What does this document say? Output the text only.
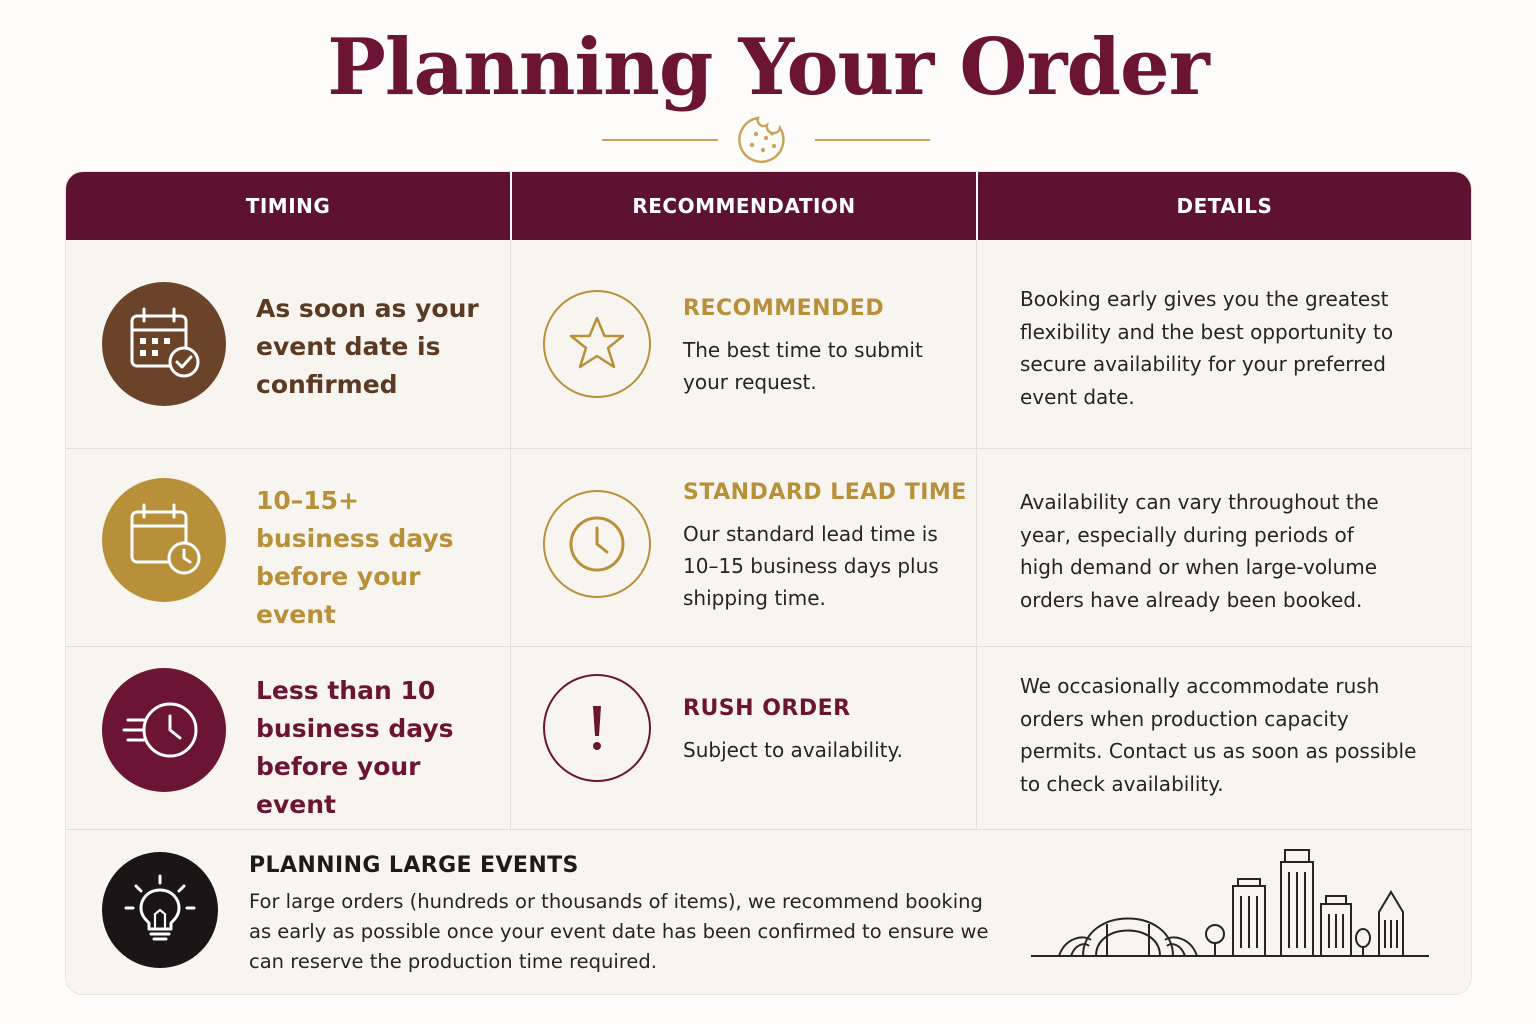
Planning Your Order
TIMING	RECOMMENDATION	DETAILS
As soon as your event date is confirmed
RECOMMENDED
The best time to submit your request.
Booking early gives you the greatest flexibility and the best opportunity to secure availability for your preferred event date.
10–15+ business days before your event
STANDARD LEAD TIME
Our standard lead time is 10–15 business days plus shipping time.
Availability can vary throughout the year, especially during periods of high demand or when large-volume orders have already been booked.
Less than 10 business days before your event
RUSH ORDER
Subject to availability.
We occasionally accommodate rush orders when production capacity permits. Contact us as soon as possible to check availability.
PLANNING LARGE EVENTS
For large orders (hundreds or thousands of items), we recommend booking as early as possible once your event date has been confirmed to ensure we can reserve the production time required.
